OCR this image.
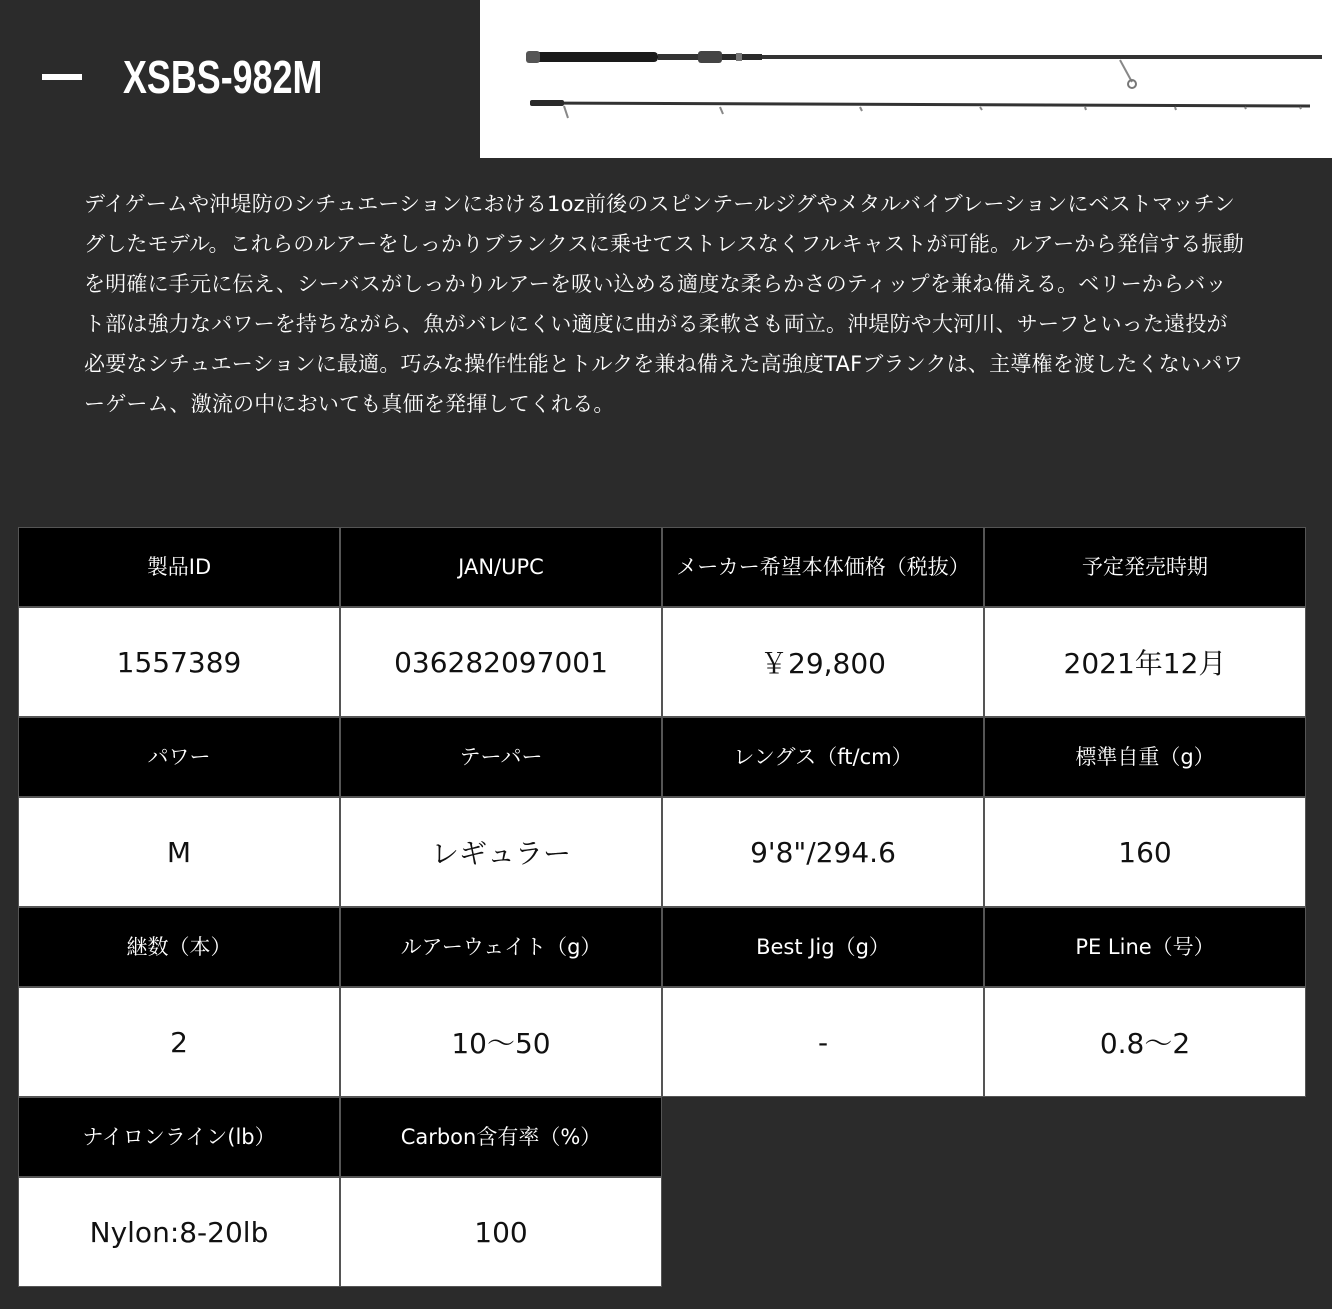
XSBS-982M

デイゲームや沖堤防のシチュエーションにおける1oz前後のスピンテールジグやメタルバイブレーションにベストマッチングしたモデル。これらのルアーをしっかりブランクスに乗せてストレスなくフルキャストが可能。ルアーから発信する振動を明確に手元に伝え、シーバスがしっかりルアーを吸い込める適度な柔らかさのティップを兼ね備える。ベリーからバット部は強力なパワーを持ちながら、魚がバレにくい適度に曲がる柔軟さも両立。沖堤防や大河川、サーフといった遠投が必要なシチュエーションに最適。巧みな操作性能とトルクを兼ね備えた高強度TAFブランクは、主導権を渡したくないパワーゲーム、激流の中においても真価を発揮してくれる。

製品ID	JAN/UPC	メーカー希望本体価格（税抜）	予定発売時期
1557389	036282097001	￥29,800	2021年12月
パワー	テーパー	レングス（ft/cm）	標準自重（g）
M	レギュラー	9'8"/294.6	160
継数（本）	ルアーウェイト（g）	Best Jig（g）	PE Line（号）
2	10〜50	-	0.8〜2
ナイロンライン(lb）	Carbon含有率（%）
Nylon:8-20lb	100
